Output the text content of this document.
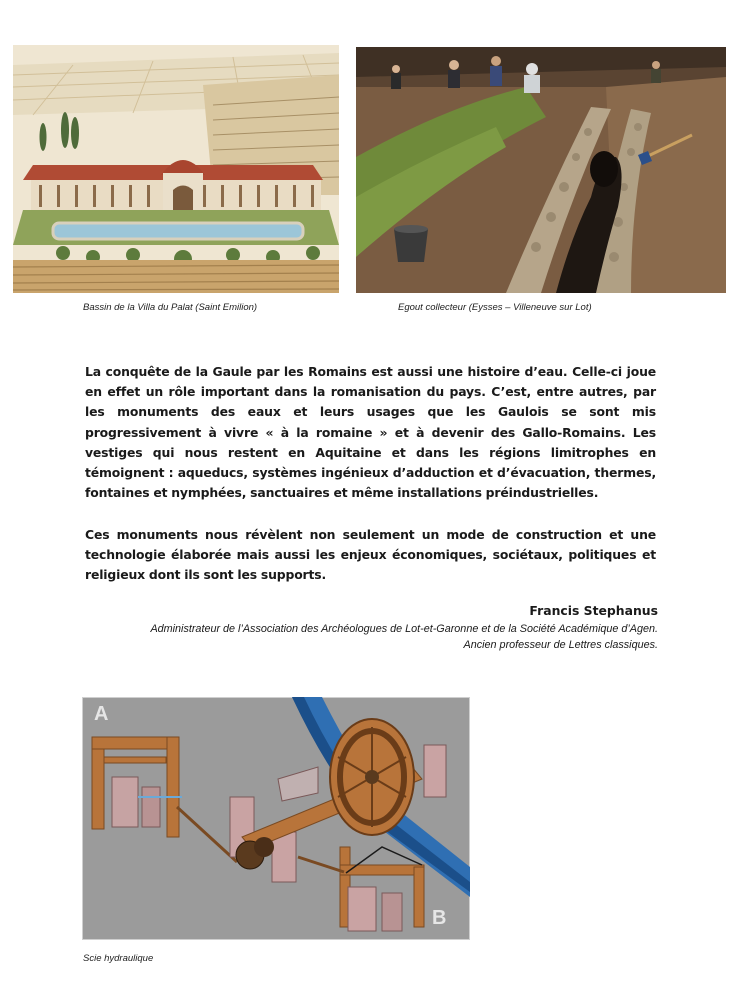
Bassin de la Villa du Palat (Saint Emilion)	Egout collecteur (Eysses – Villeneuve sur Lot)

La conquête de la Gaule par les Romains est aussi une histoire d’eau. Celle-ci joue en effet un rôle important dans la romanisation du pays. C’est, entre autres, par les monuments des eaux et leurs usages que les Gaulois se sont mis progressivement à vivre « à la romaine » et à devenir des Gallo-Romains. Les vestiges qui nous restent en Aquitaine et dans les régions limitrophes en témoignent : aqueducs, systèmes ingénieux d’adduction et d’évacuation, thermes, fontaines et nymphées, sanctuaires et même installations préindustrielles.

Ces monuments nous révèlent non seulement un mode de construction et une technologie élaborée mais aussi les enjeux économiques, sociétaux, politiques et religieux dont ils sont les supports.

Francis Stephanus

Administrateur de l’Association des Archéologues de Lot-et-Garonne et de la Société Académique d’Agen.

Ancien professeur de Lettres classiques.

A
B
Scie hydraulique
